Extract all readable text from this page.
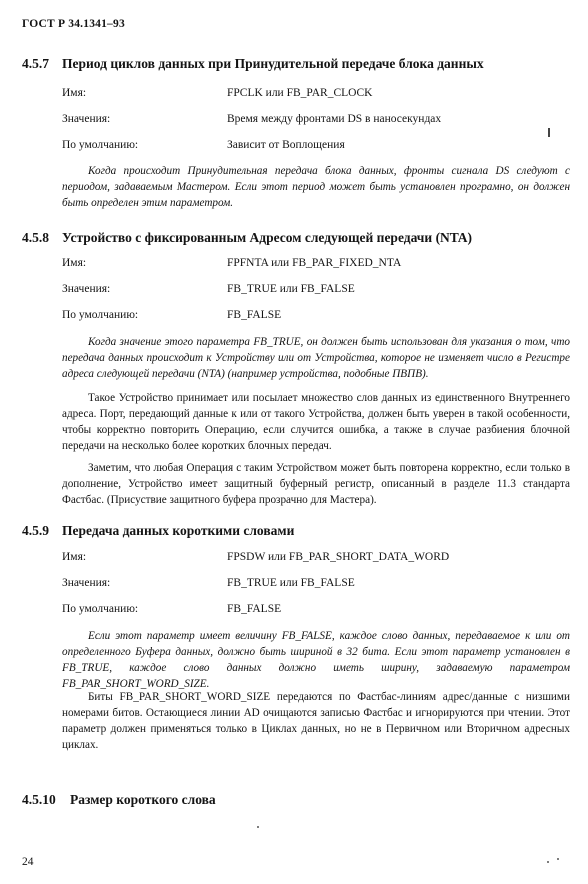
ГОСТ Р 34.1341–93
4.5.7 Период циклов данных при Принудительной передаче блока данных
Имя:	FPCLK или FB_PAR_CLOCK
Значения:	Время между фронтами DS в наносекундах
По умолчанию:	Зависит от Воплощения

Когда происходит Принудительная передача блока данных, фронты сигнала DS следуют с периодом, задаваемым Мастером. Если этот период может быть установлен програмно, он должен быть определен этим параметром.

4.5.8 Устройство с фиксированным Адресом следующей передачи (NTA)
Имя:	FPFNTA или FB_PAR_FIXED_NTA
Значения:	FB_TRUE или FB_FALSE
По умолчанию:	FB_FALSE

Когда значение этого параметра FB_TRUE, он должен быть использован для указания о том, что передача данных происходит к Устройству или от Устройства, которое не изменяет число в Регистре адреса следующей передачи (NTA) (например устройства, подобные ПВПВ).

Такое Устройство принимает или посылает множество слов данных из единственного Внутреннего адреса. Порт, передающий данные к или от такого Устройства, должен быть уверен в такой особенности, чтобы корректно повторить Операцию, если случится ошибка, а также в случае разбиения блочной передачи на несколько более коротких блочных передач.

Заметим, что любая Операция с таким Устройством может быть повторена корректно, если только в дополнение, Устройство имеет защитный буферный регистр, описанный в разделе 11.3 стандарта Фастбас. (Присуствие защитного буфера прозрачно для Мастера).

4.5.9 Передача данных короткими словами
Имя:	FPSDW или FB_PAR_SHORT_DATA_WORD
Значения:	FB_TRUE или FB_FALSE
По умолчанию:	FB_FALSE

Если этот параметр имеет величину FB_FALSE, каждое слово данных, передаваемое к или от определенного Буфера данных, должно быть шириной в 32 бита. Если этот параметр установлен в FB_TRUE, каждое слово данных должно иметь ширину, задаваемую параметром FB_PAR_SHORT_WORD_SIZE.

Биты FB_PAR_SHORT_WORD_SIZE передаются по Фастбас-линиям адрес/данные с низшими номерами битов. Остающиеся линии AD очищаются записью Фастбас и игнорируются при чтении. Этот параметр должен применяться только в Циклах данных, но не в Первичном или Вторичном адресных циклах.

4.5.10 Размер короткого слова
24
